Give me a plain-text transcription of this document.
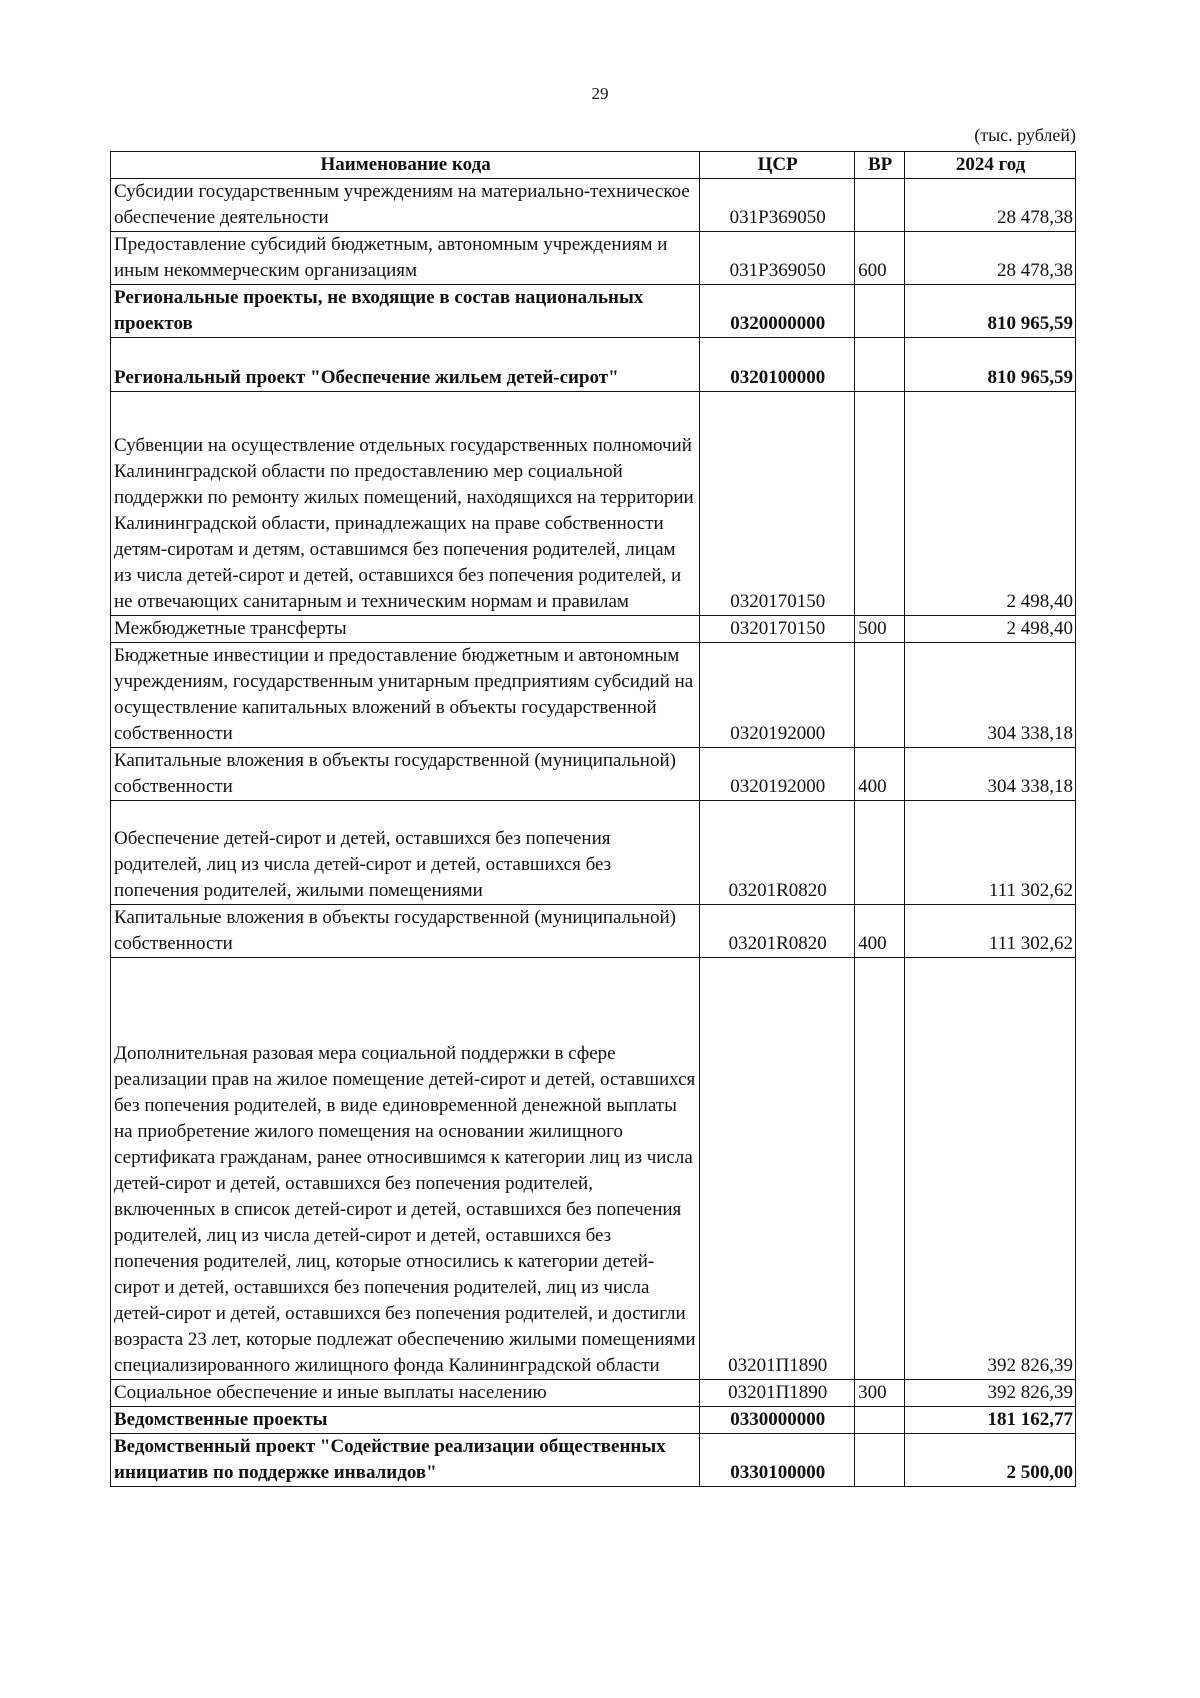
29
(тыс. рублей)
Наименование кода	ЦСР	ВР	2024 год
Субсидии государственным учреждениям на материально-техническое обеспечение деятельности	031Р369050		28 478,38
Предоставление субсидий бюджетным, автономным учреждениям и иным некоммерческим организациям	031Р369050	600	28 478,38
Региональные проекты, не входящие в состав национальных проектов	0320000000		810 965,59
Региональный проект "Обеспечение жильем детей-сирот"	0320100000		810 965,59
Субвенции на осуществление отдельных государственных полномочий Калининградской области по предоставлению мер социальной поддержки по ремонту жилых помещений, находящихся на территории Калининградской области, принадлежащих на праве собственности детям-сиротам и детям, оставшимся без попечения родителей, лицам из числа детей-сирот и детей, оставшихся без попечения родителей, и не отвечающих санитарным и техническим нормам и правилам	0320170150		2 498,40
Межбюджетные трансферты	0320170150	500	2 498,40
Бюджетные инвестиции и предоставление бюджетным и автономным учреждениям, государственным унитарным предприятиям субсидий на осуществление капитальных вложений в объекты государственной собственности	0320192000		304 338,18
Капитальные вложения в объекты государственной (муниципальной) собственности	0320192000	400	304 338,18
Обеспечение детей-сирот и детей, оставшихся без попечения родителей, лиц из числа детей-сирот и детей, оставшихся без попечения родителей, жилыми помещениями	03201R0820		111 302,62
Капитальные вложения в объекты государственной (муниципальной) собственности	03201R0820	400	111 302,62
Дополнительная разовая мера социальной поддержки в сфере реализации прав на жилое помещение детей-сирот и детей, оставшихся без попечения родителей, в виде единовременной денежной выплаты на приобретение жилого помещения на основании жилищного сертификата гражданам, ранее относившимся к категории лиц из числа детей-сирот и детей, оставшихся без попечения родителей, включенных в список детей-сирот и детей, оставшихся без попечения родителей, лиц из числа детей-сирот и детей, оставшихся без попечения родителей, лиц, которые относились к категории детей-сирот и детей, оставшихся без попечения родителей, лиц из числа детей-сирот и детей, оставшихся без попечения родителей, и достигли возраста 23 лет, которые подлежат обеспечению жилыми помещениями специализированного жилищного фонда Калининградской области	03201П1890		392 826,39
Социальное обеспечение и иные выплаты населению	03201П1890	300	392 826,39
Ведомственные проекты	0330000000		181 162,77
Ведомственный проект "Содействие реализации общественных инициатив по поддержке инвалидов"	0330100000		2 500,00
